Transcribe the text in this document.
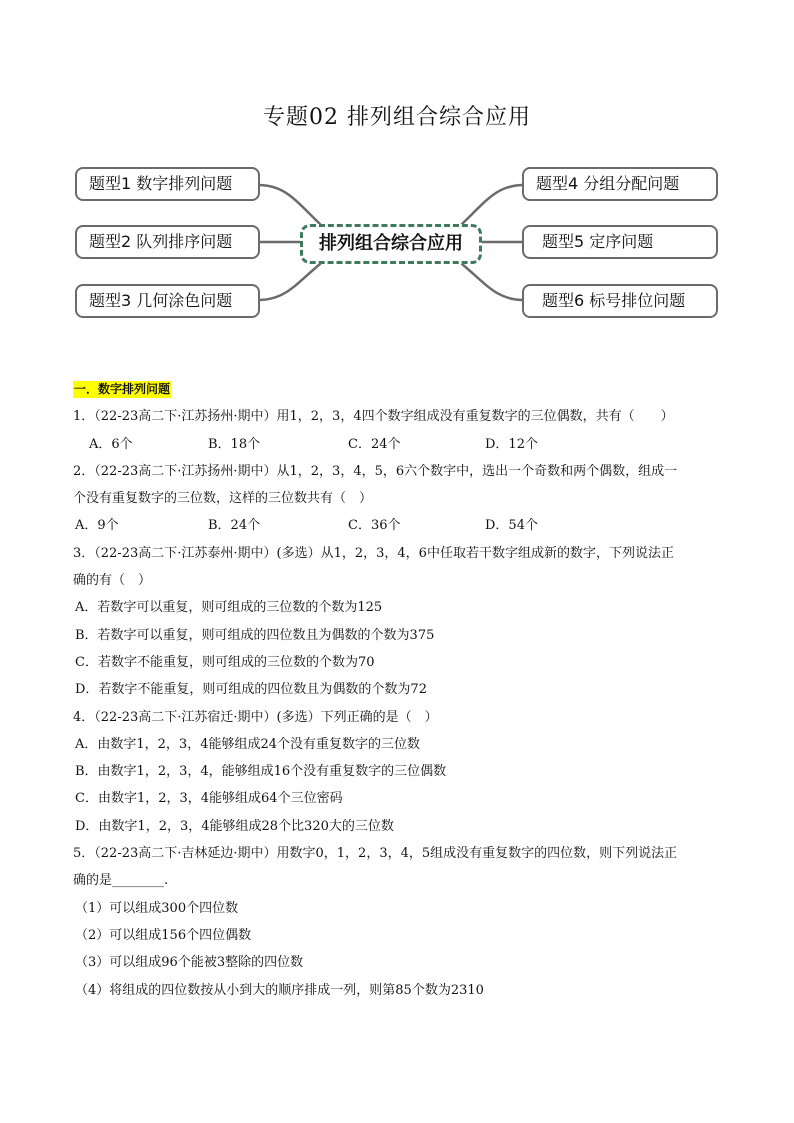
专题02 排列组合综合应用
题型1 数字排列问题
题型2 队列排序问题
题型3 几何涂色问题
排列组合综合应用
题型4 分组分配问题
题型5 定序问题
题型6 标号排位问题
一．数字排列问题
1．（22-23高二下·江苏扬州·期中）用1，2，3，4四个数字组成没有重复数字的三位偶数，共有（　　）
A．6个	B．18个	C．24个	D．12个
2．（22-23高二下·江苏扬州·期中）从1，2，3，4，5，6六个数字中，选出一个奇数和两个偶数，组成一
个没有重复数字的三位数，这样的三位数共有（　）
A．9个	B．24个	C．36个	D．54个
3．（22-23高二下·江苏泰州·期中）(多选）从1，2，3，4，6中任取若干数字组成新的数字，下列说法正
确的有（　）
A．若数字可以重复，则可组成的三位数的个数为125
B．若数字可以重复，则可组成的四位数且为偶数的个数为375
C．若数字不能重复，则可组成的三位数的个数为70
D．若数字不能重复，则可组成的四位数且为偶数的个数为72
4．（22-23高二下·江苏宿迁·期中）(多选）下列正确的是（　）
A．由数字1，2，3，4能够组成24个没有重复数字的三位数
B．由数字1，2，3，4，能够组成16个没有重复数字的三位偶数
C．由数字1，2，3，4能够组成64个三位密码
D．由数字1，2，3，4能够组成28个比320大的三位数
5．（22-23高二下·吉林延边·期中）用数字0，1，2，3，4，5组成没有重复数字的四位数，则下列说法正
确的是________.
（1）可以组成300个四位数
（2）可以组成156个四位偶数
（3）可以组成96个能被3整除的四位数
（4）将组成的四位数按从小到大的顺序排成一列，则第85个数为2310
